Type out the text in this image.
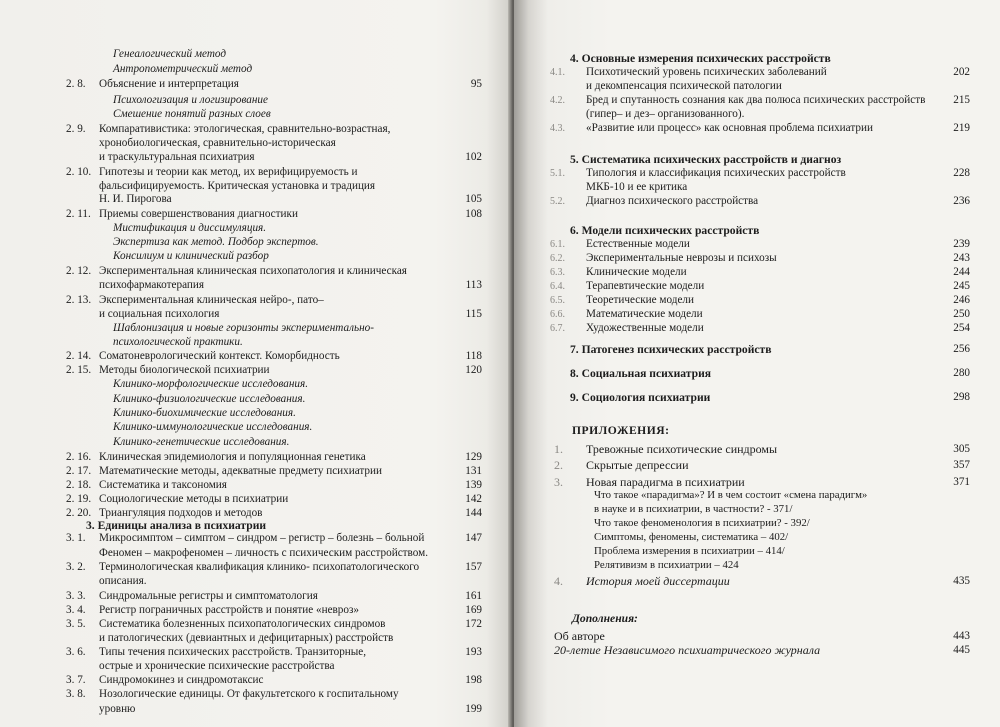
Генеалогический метод
Антропометрический метод
2. 8. Объяснение и интерпретация	95
Психологизация и логизирование
Смешение понятий разных слоев
2. 9. Компаративистика: этологическая, сравнительно-возрастная,
хронобиологическая, сравнительно-историческая
и траскультуральная психиатрия	102
2. 10. Гипотезы и теории как метод, их верифицируемость и
фальсифицируемость. Критическая установка и традиция
Н. И. Пирогова	105
2. 11. Приемы совершенствования диагностики	108
Мистификация и диссимуляция.
Экспертиза как метод. Подбор экспертов.
Консилиум и клинический разбор
2. 12. Экспериментальная клиническая психопатология и клиническая
психофармакотерапия	113
2. 13. Экспериментальная клиническая нейро-, пато–
и социальная психология	115
Шаблонизация и новые горизонты экспериментально-
психологической практики.
2. 14. Соматоневрологический контекст. Коморбидность	118
2. 15. Методы биологической психиатрии	120
Клинико-морфологические исследования.
Клинико-физиологические исследования.
Клинико-биохимические исследования.
Клинико-иммунологические исследования.
Клинико-генетические исследования.
2. 16. Клиническая эпидемиология и популяционная генетика	129
2. 17. Математические методы, адекватные предмету психиатрии	131
2. 18. Систематика и таксономия	139
2. 19. Социологические методы в психиатрии	142
2. 20. Триангуляция подходов и методов	144
3. Единицы анализа в психиатрии
3. 1. Микросимптом – симптом – синдром – регистр – болезнь – больной	147
Феномен – макрофеномен – личность с психическим расстройством.
3. 2. Терминологическая квалификация клинико- психопатологического	157
описания.
3. 3. Синдромальные регистры и симптоматология	161
3. 4. Регистр пограничных расстройств и понятие «невроз»	169
3. 5. Систематика болезненных психопатологических синдромов	172
и патологических (девиантных и дефицитарных) расстройств
3. 6. Типы течения психических расстройств. Транзиторные,	193
острые и хронические психические расстройства
3. 7. Синдромокинез и синдромотаксис	198
3. 8. Нозологические единицы. От факультетского к госпитальному
уровню	199
4. Основные измерения психических расстройств
4.1. Психотический уровень психических заболеваний	202
и декомпенсация психической патологии
4.2. Бред и спутанность сознания как два полюса психических расстройств	215
(гипер– и дез– организованного).
4.3. «Развитие или процесс» как основная проблема психиатрии	219
5. Систематика психических расстройств и диагноз
5.1. Типология и классификация психических расстройств	228
МКБ-10 и ее критика
5.2. Диагноз психического расстройства	236
6. Модели психических расстройств
6.1. Естественные модели	239
6.2. Экспериментальные неврозы и психозы	243
6.3. Клинические модели	244
6.4. Терапевтические модели	245
6.5. Теоретические модели	246
6.6. Математические модели	250
6.7. Художественные модели	254
7. Патогенез психических расстройств	256
8. Социальная психиатрия	280
9. Социология психиатрии	298
ПРИЛОЖЕНИЯ:
1. Тревожные психотические синдромы	305
2. Скрытые депрессии	357
3. Новая парадигма в психиатрии	371
Что такое «парадигма»? И в чем состоит «смена парадигм»
в науке и в психиатрии, в частности? - 371/
Что такое феноменология в психиатрии? - 392/
Симптомы, феномены, систематика – 402/
Проблема измерения в психиатрии – 414/
Релятивизм в психиатрии – 424
4. История моей диссертации	435
Дополнения:
Об авторе	443
20-летие Независимого психиатрического журнала	445
